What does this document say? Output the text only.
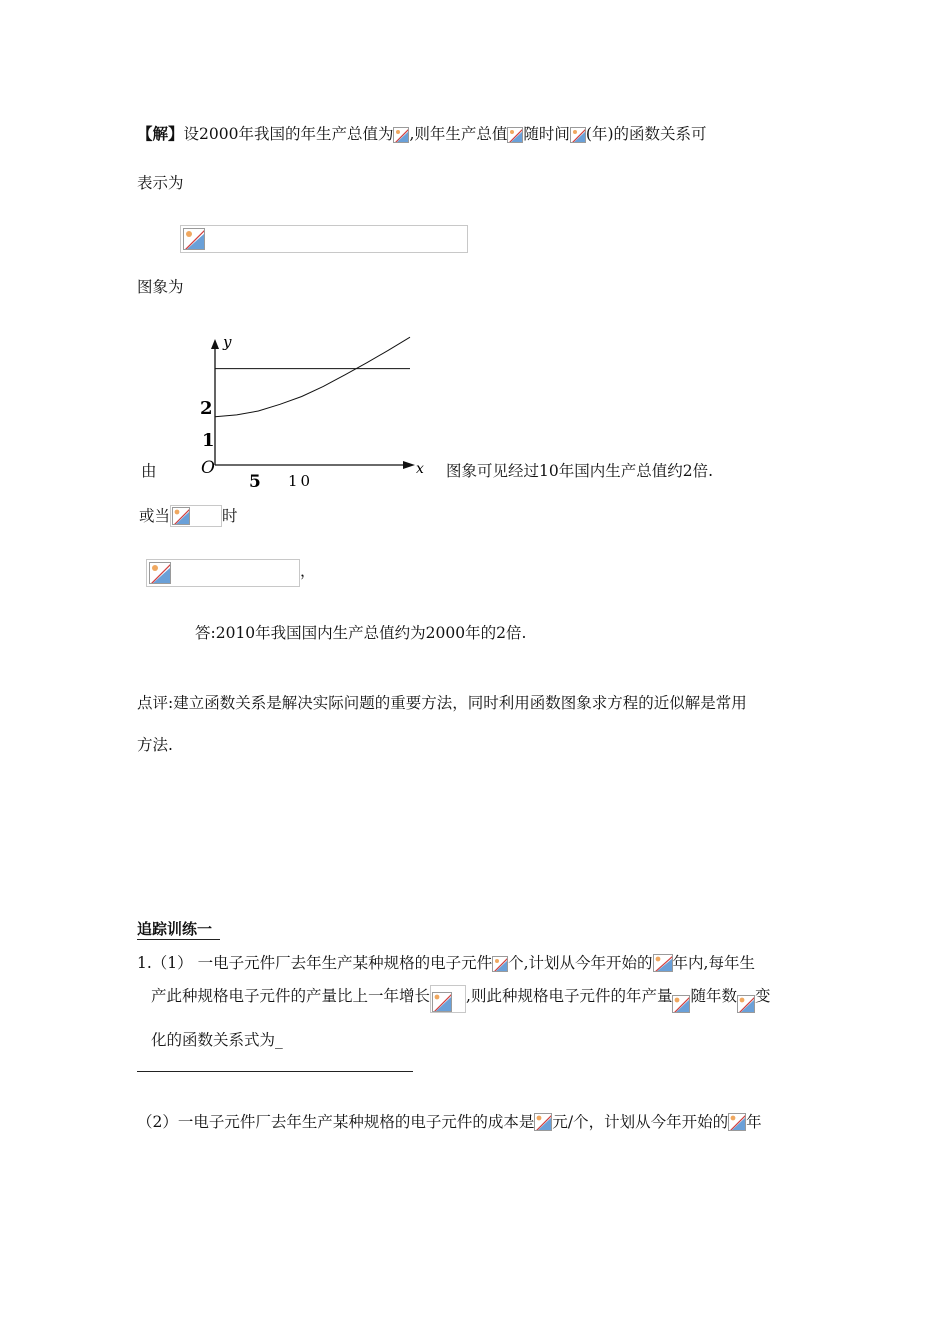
【解】设2000年我国的年生产总值为 ,则年生产总值 随时间 (年)的函数关系可
表示为
图象为
y
x
O
1
2
5 10
由	图象可见经过10年国内生产总值约2倍.
或当	时
，
答:2010年我国国内生产总值约为2000年的2倍.
点评:建立函数关系是解决实际问题的重要方法，同时利用函数图象求方程的近似解是常用
方法.
追踪训练一
1.（1） 一电子元件厂去年生产某种规格的电子元件 个,计划从今年开始的 年内,每年生
产此种规格电子元件的产量比上一年增长 ,则此种规格电子元件的年产量 随年数 变
化的函数关系式为_
（2）一电子元件厂去年生产某种规格的电子元件的成本是 元/个，计划从今年开始的 年
